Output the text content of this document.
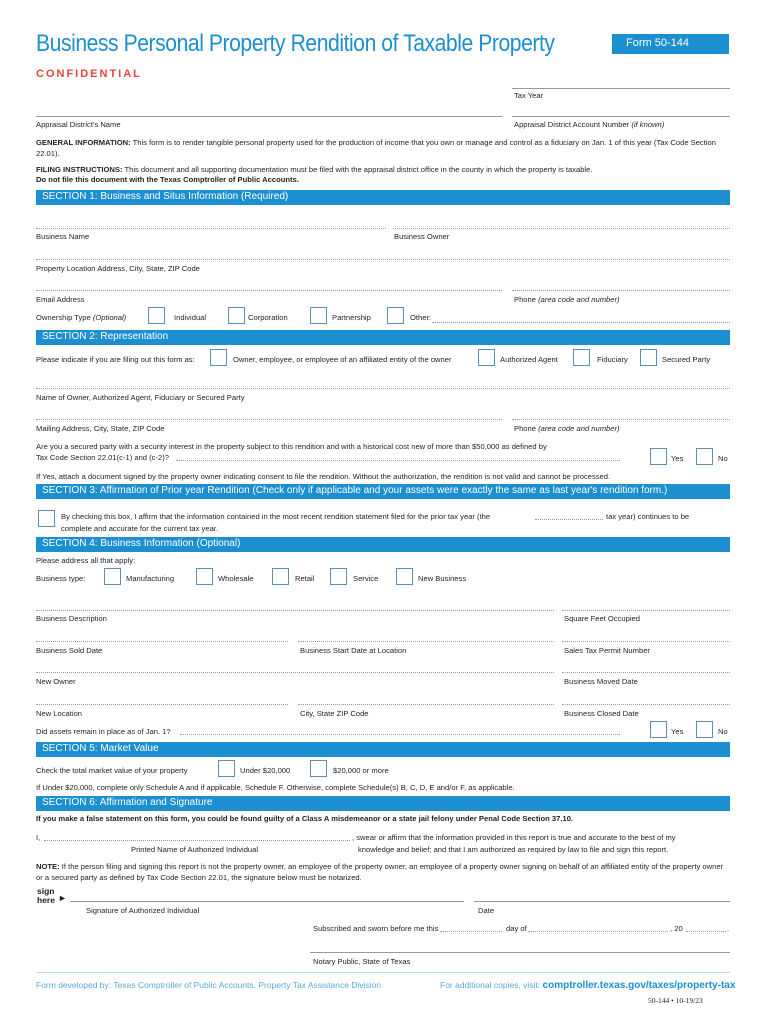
Business Personal Property Rendition of Taxable Property	Form 50-144
CONFIDENTIAL
Tax Year
Appraisal District's Name	Appraisal District Account Number (if known)
GENERAL INFORMATION: This form is to render tangible personal property used for the production of income that you own or manage and control as a fiduciary on Jan. 1 of this year (Tax Code Section 22.01).
FILING INSTRUCTIONS: This document and all supporting documentation must be filed with the appraisal district office in the county in which the property is taxable.
Do not file this document with the Texas Comptroller of Public Accounts.
SECTION 1: Business and Situs Information (Required)
Business Name	Business Owner
Property Location Address, City, State, ZIP Code
Email Address	Phone (area code and number)
Ownership Type (Optional)	Individual	Corporation	Partnership	Other:
SECTION 2: Representation
Please indicate if you are filing out this form as:	Owner, employee, or employee of an affiliated entity of the owner	Authorized Agent	Fiduciary	Secured Party
Name of Owner, Authorized Agent, Fiduciary or Secured Party
Mailing Address, City, State, ZIP Code	Phone (area code and number)
Are you a secured party with a security interest in the property subject to this rendition and with a historical cost new of more than $50,000 as defined by
Tax Code Section 22.01(c-1) and (c-2)?	Yes	No
If Yes, attach a document signed by the property owner indicating consent to file the rendition. Without the authorization, the rendition is not valid and cannot be processed.
SECTION 3: Affirmation of Prior year Rendition (Check only if applicable and your assets were exactly the same as last year's rendition form.)
By checking this box, I affirm that the information contained in the most recent rendition statement filed for the prior tax year (the	tax year) continues to be
complete and accurate for the current tax year.
SECTION 4: Business Information (Optional)
Please address all that apply:
Business type:	Manufacturing	Wholesale	Retail	Service	New Business
Business Description	Square Feet Occupied
Business Sold Date	Business Start Date at Location	Sales Tax Permit Number
New Owner	Business Moved Date
New Location	City, State ZIP Code	Business Closed Date
Did assets remain in place as of Jan. 1?	Yes	No
SECTION 5: Market Value
Check the total market value of your property	Under $20,000	$20,000 or more
If Under $20,000, complete only Schedule A and if applicable, Schedule F. Otherwise, complete Schedule(s) B, C, D, E and/or F, as applicable.
SECTION 6: Affirmation and Signature
If you make a false statement on this form, you could be found guilty of a Class A misdemeanor or a state jail felony under Penal Code Section 37.10.
I,
Printed Name of Authorized Individual
, swear or affirm that the information provided in this report is true and accurate to the best of my
knowledge and belief; and that I am authorized as required by law to file and sign this report.
NOTE: If the person filing and signing this report is not the property owner, an employee of the property owner, an employee of a property owner signing on behalf of an affiliated entity of the property owner or a secured party as defined by Tax Code Section 22.01, the signature below must be notarized.
sign
here ►
Signature of Authorized Individual	Date
Subscribed and sworn before me this	day of	, 20	.
Notary Public, State of Texas
Form developed by: Texas Comptroller of Public Accounts, Property Tax Assistance Division	For additional copies, visit: comptroller.texas.gov/taxes/property-tax
50-144 • 10-19/23
